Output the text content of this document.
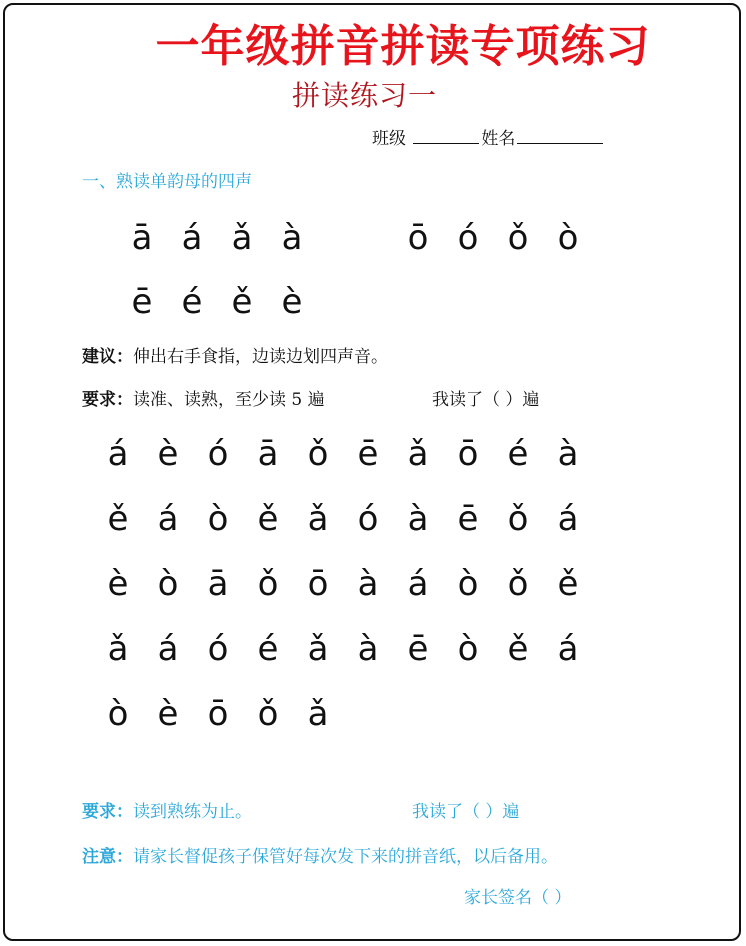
一年级拼音拼读专项练习
拼读练习一
班级	姓名
一、熟读单韵母的四声
ā á ǎ à	ō ó ǒ ò
ē é ě è
建议：伸出右手食指，边读边划四声音。
要求：读准、读熟，至少读 5 遍	我读了（ ）遍
á è ó ā ǒ ē ǎ ō é à
ě á ò ě ǎ ó à ē ǒ á
è ò ā ǒ ō à á ò ǒ ě
ǎ á ó é ǎ à ē ò ě á
ò è ō ǒ ǎ
要求：读到熟练为止。	我读了（ ）遍
注意：请家长督促孩子保管好每次发下来的拼音纸，以后备用。
家长签名（ ）
